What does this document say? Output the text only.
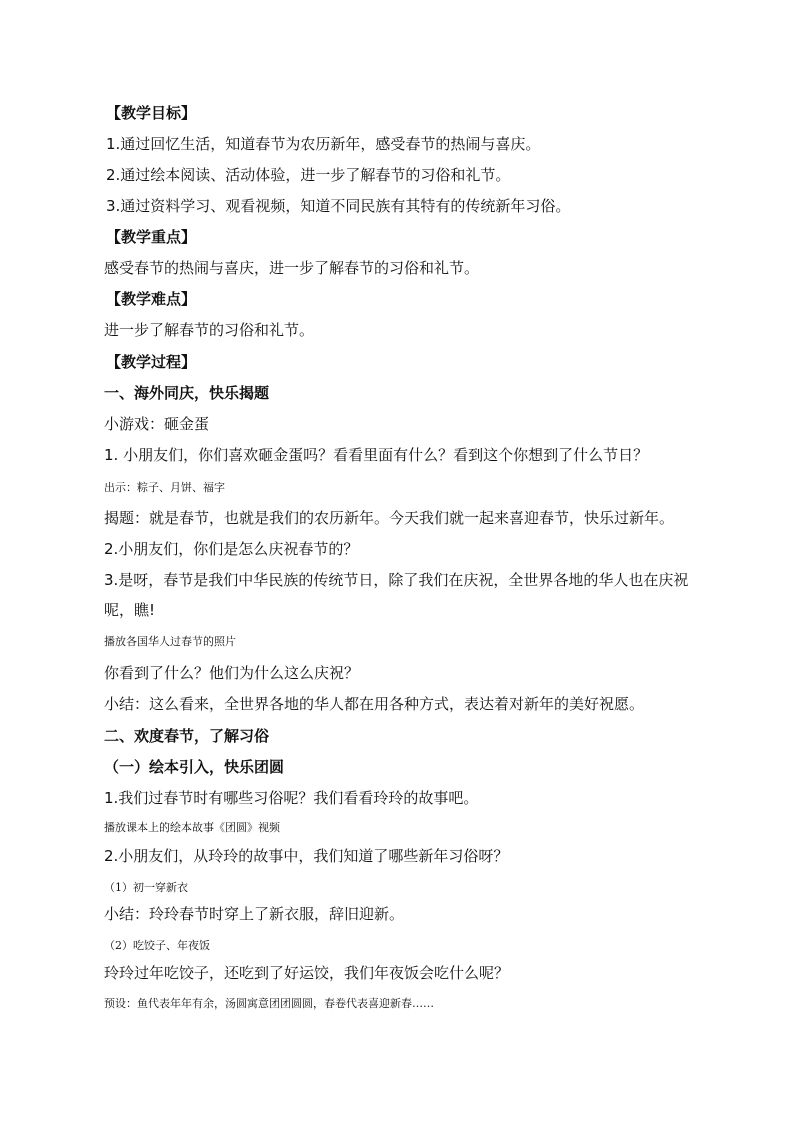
【教学目标】
1.通过回忆生活，知道春节为农历新年，感受春节的热闹与喜庆。
2.通过绘本阅读、活动体验，进一步了解春节的习俗和礼节。
3.通过资料学习、观看视频，知道不同民族有其特有的传统新年习俗。
【教学重点】
感受春节的热闹与喜庆，进一步了解春节的习俗和礼节。
【教学难点】
进一步了解春节的习俗和礼节。
【教学过程】
一、海外同庆，快乐揭题
小游戏：砸金蛋
1. 小朋友们，你们喜欢砸金蛋吗？看看里面有什么？看到这个你想到了什么节日？
出示：粽子、月饼、福字
揭题：就是春节，也就是我们的农历新年。今天我们就一起来喜迎春节，快乐过新年。
2.小朋友们，你们是怎么庆祝春节的？
3.是呀，春节是我们中华民族的传统节日，除了我们在庆祝，全世界各地的华人也在庆祝呢，瞧!
播放各国华人过春节的照片
你看到了什么？他们为什么这么庆祝？
小结：这么看来，全世界各地的华人都在用各种方式，表达着对新年的美好祝愿。
二、欢度春节，了解习俗
（一）绘本引入，快乐团圆
1.我们过春节时有哪些习俗呢？我们看看玲玲的故事吧。
播放课本上的绘本故事《团圆》视频
2.小朋友们，从玲玲的故事中，我们知道了哪些新年习俗呀？
（1）初一穿新衣
小结：玲玲春节时穿上了新衣服，辞旧迎新。
（2）吃饺子、年夜饭
玲玲过年吃饺子，还吃到了好运饺，我们年夜饭会吃什么呢？
预设：鱼代表年年有余，汤圆寓意团团圆圆，春卷代表喜迎新春……
